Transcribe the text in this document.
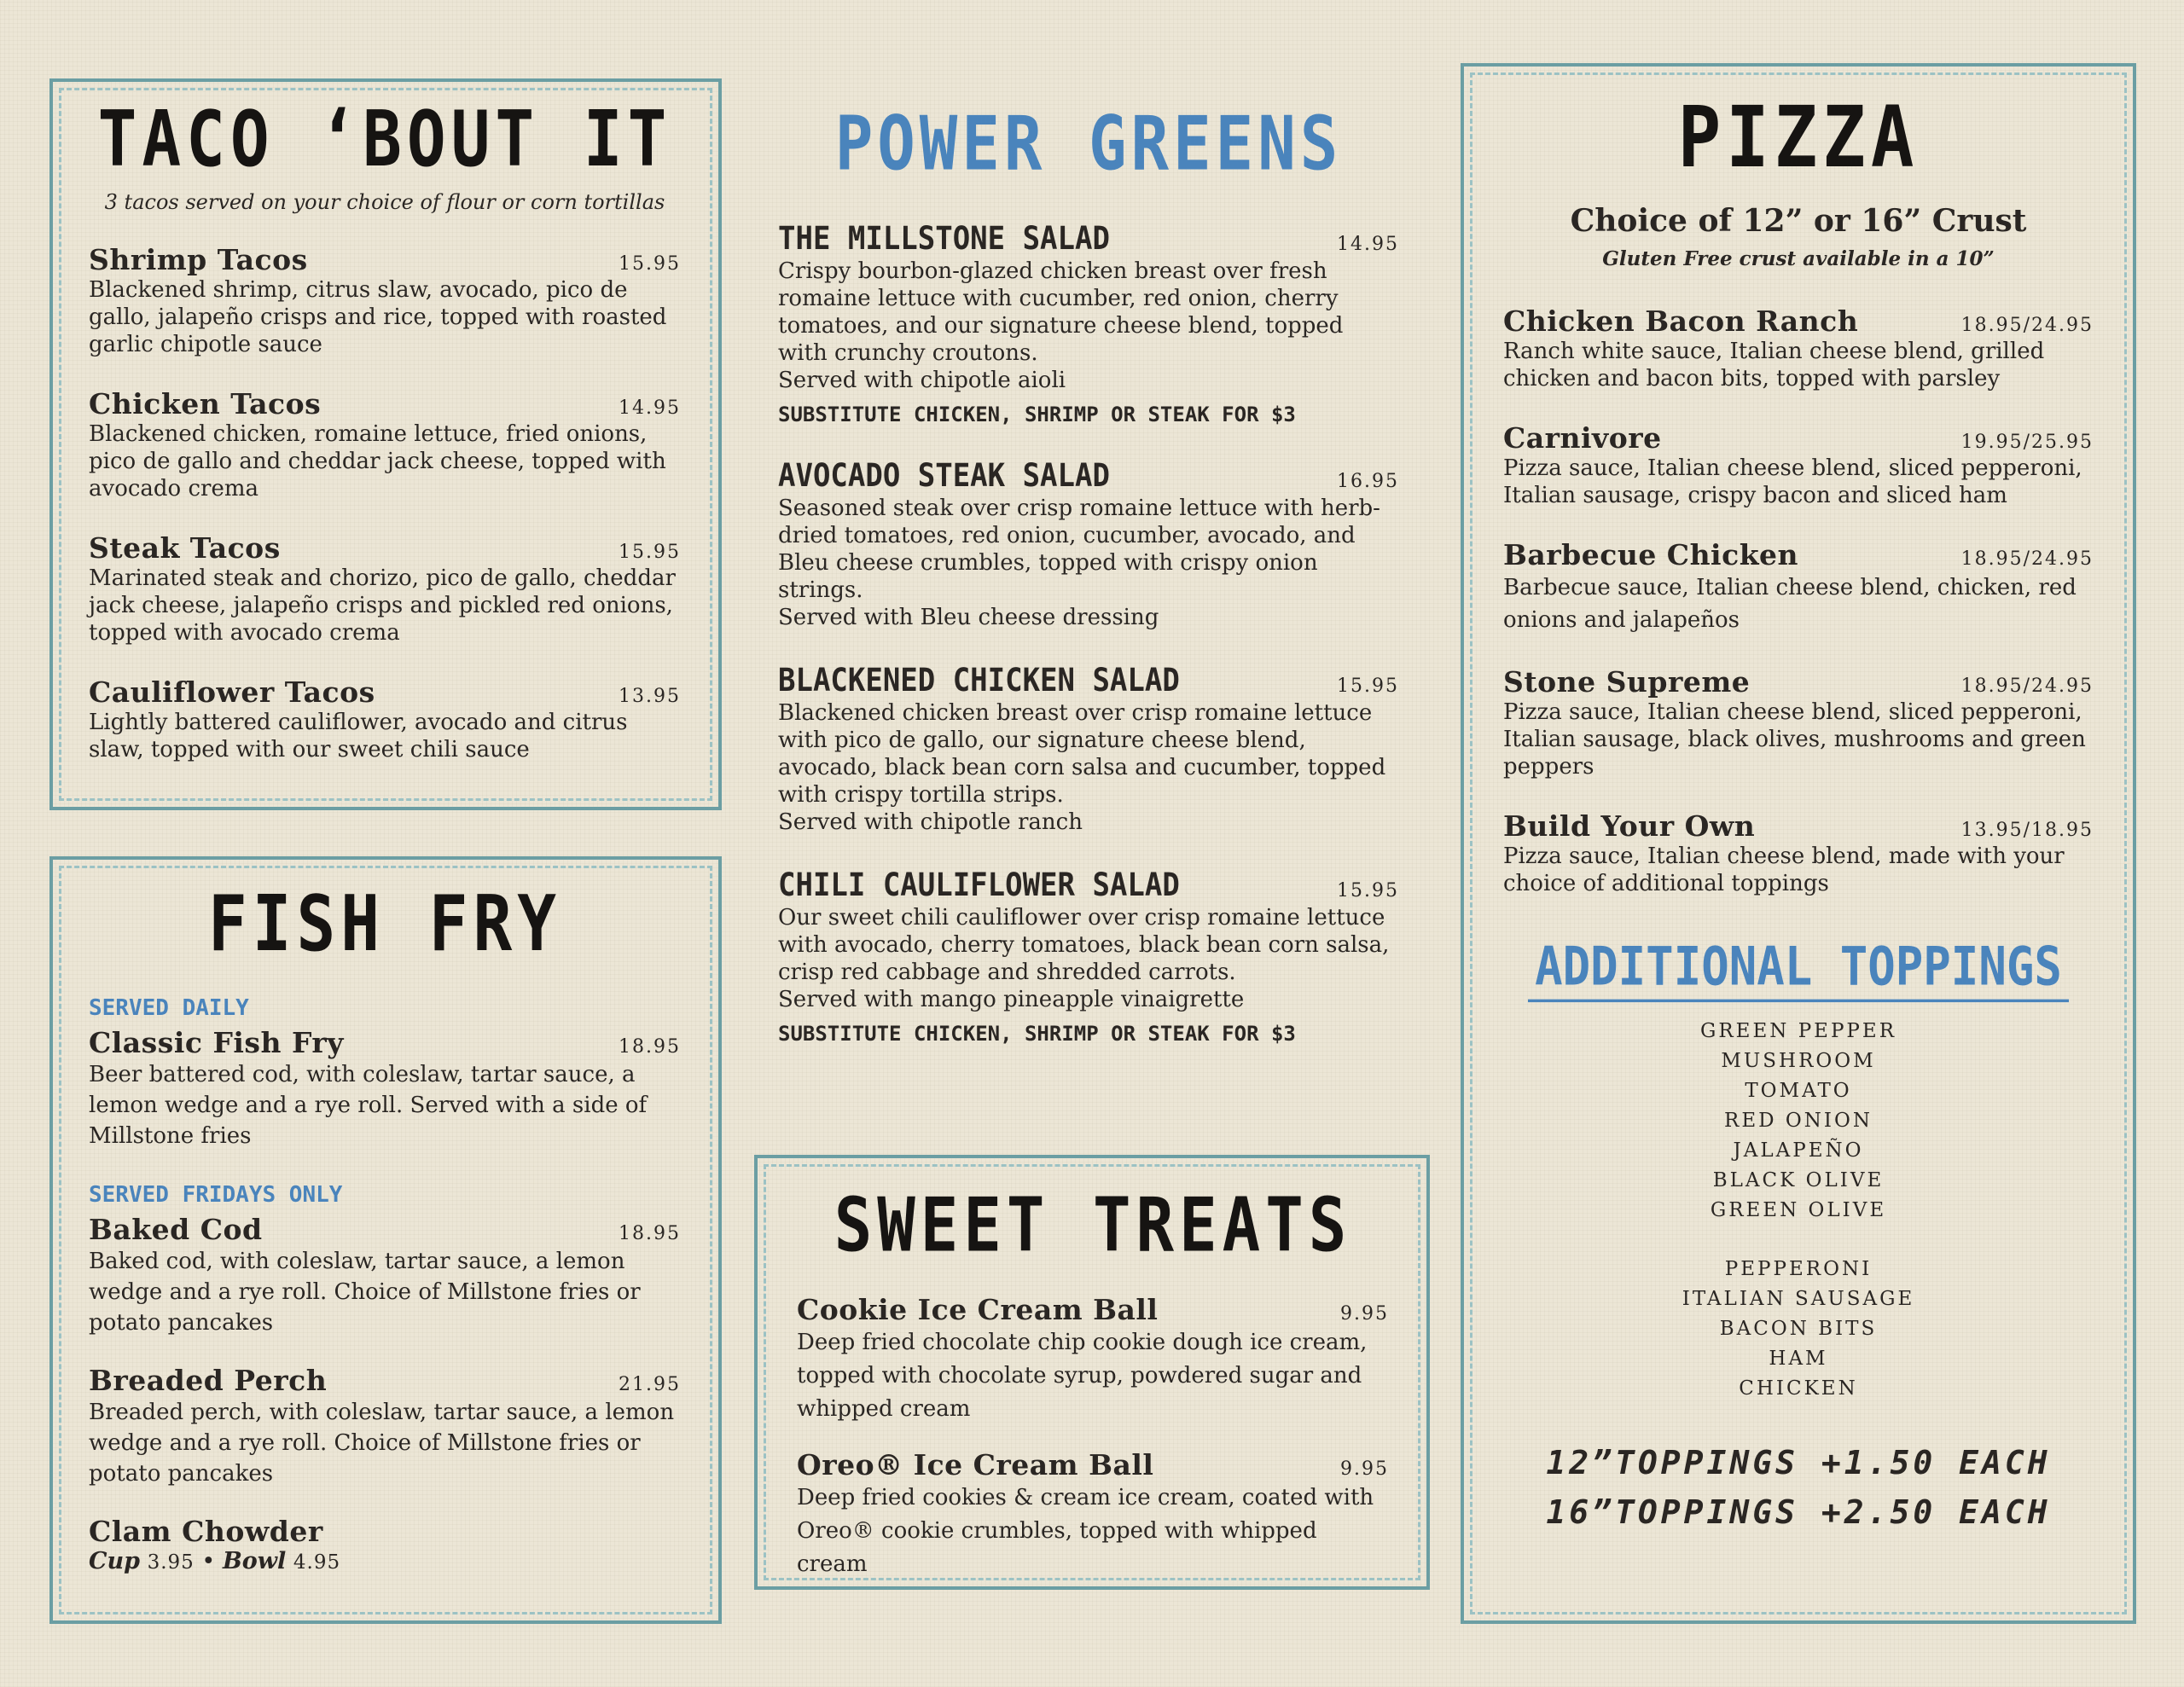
TACO ‘BOUT IT

3 tacos served on your choice of flour or corn tortillas

Shrimp Tacos	15.95
Blackened shrimp, citrus slaw, avocado, pico de gallo, jalapeño crisps and rice, topped with roasted garlic chipotle sauce
Chicken Tacos	14.95
Blackened chicken, romaine lettuce, fried onions, pico de gallo and cheddar jack cheese, topped with avocado crema
Steak Tacos	15.95
Marinated steak and chorizo, pico de gallo, cheddar jack cheese, jalapeño crisps and pickled red onions, topped with avocado crema
Cauliflower Tacos	13.95
Lightly battered cauliflower, avocado and citrus slaw, topped with our sweet chili sauce
FISH FRY
SERVED DAILY
Classic Fish Fry	18.95
Beer battered cod, with coleslaw, tartar sauce, a lemon wedge and a rye roll. Served with a side of Millstone fries
SERVED FRIDAYS ONLY
Baked Cod	18.95
Baked cod, with coleslaw, tartar sauce, a lemon wedge and a rye roll. Choice of Millstone fries or potato pancakes
Breaded Perch	21.95
Breaded perch, with coleslaw, tartar sauce, a lemon wedge and a rye roll. Choice of Millstone fries or potato pancakes
Clam Chowder
Cup 3.95 • Bowl 4.95
POWER GREENS
THE MILLSTONE SALAD	14.95
Crispy bourbon-glazed chicken breast over fresh romaine lettuce with cucumber, red onion, cherry tomatoes, and our signature cheese blend, topped with crunchy croutons.
Served with chipotle aioli
SUBSTITUTE CHICKEN, SHRIMP OR STEAK FOR $3
AVOCADO STEAK SALAD	16.95
Seasoned steak over crisp romaine lettuce with herb-dried tomatoes, red onion, cucumber, avocado, and Bleu cheese crumbles, topped with crispy onion strings.
Served with Bleu cheese dressing
BLACKENED CHICKEN SALAD	15.95
Blackened chicken breast over crisp romaine lettuce with pico de gallo, our signature cheese blend, avocado, black bean corn salsa and cucumber, topped with crispy tortilla strips.
Served with chipotle ranch
CHILI CAULIFLOWER SALAD	15.95
Our sweet chili cauliflower over crisp romaine lettuce with avocado, cherry tomatoes, black bean corn salsa, crisp red cabbage and shredded carrots.
Served with mango pineapple vinaigrette
SUBSTITUTE CHICKEN, SHRIMP OR STEAK FOR $3
SWEET TREATS
Cookie Ice Cream Ball	9.95
Deep fried chocolate chip cookie dough ice cream, topped with chocolate syrup, powdered sugar and whipped cream
Oreo® Ice Cream Ball	9.95
Deep fried cookies & cream ice cream, coated with Oreo® cookie crumbles, topped with whipped cream
PIZZA

Choice of 12” or 16” Crust

Gluten Free crust available in a 10”

Chicken Bacon Ranch	18.95/24.95
Ranch white sauce, Italian cheese blend, grilled chicken and bacon bits, topped with parsley
Carnivore	19.95/25.95
Pizza sauce, Italian cheese blend, sliced pepperoni, Italian sausage, crispy bacon and sliced ham
Barbecue Chicken	18.95/24.95
Barbecue sauce, Italian cheese blend, chicken, red onions and jalapeños
Stone Supreme	18.95/24.95
Pizza sauce, Italian cheese blend, sliced pepperoni, Italian sausage, black olives, mushrooms and green peppers
Build Your Own	13.95/18.95
Pizza sauce, Italian cheese blend, made with your choice of additional toppings
ADDITIONAL TOPPINGS
GREEN PEPPER
MUSHROOM
TOMATO
RED ONION
JALAPEÑO
BLACK OLIVE
GREEN OLIVE
PEPPERONI
ITALIAN SAUSAGE
BACON BITS
HAM
CHICKEN
12”TOPPINGS +1.50 EACH
16”TOPPINGS +2.50 EACH
